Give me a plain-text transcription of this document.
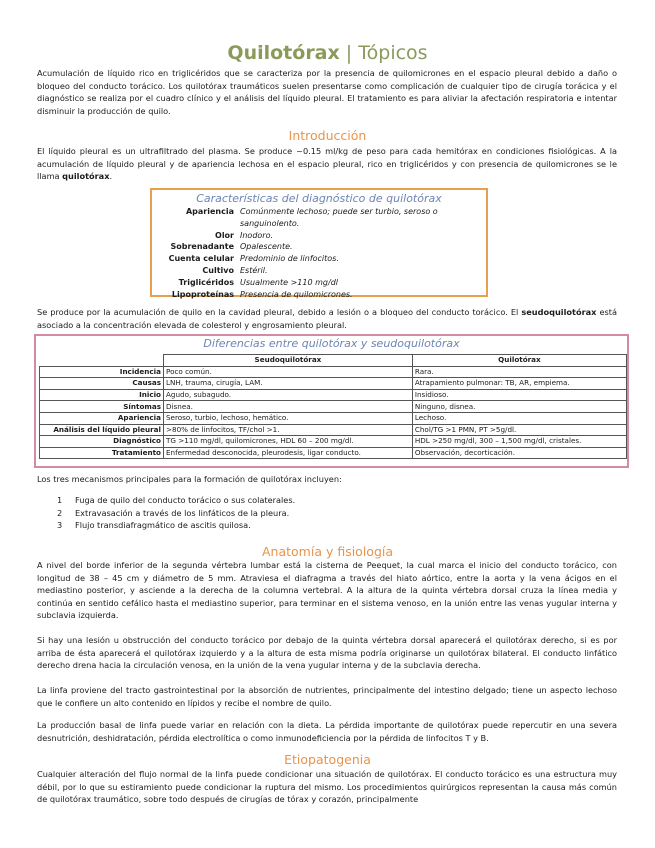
Quilotórax | Tópicos
Acumulación de líquido rico en triglicéridos que se caracteriza por la presencia de quilomicrones en el espacio pleural debido a daño o bloqueo del conducto torácico. Los quilotórax traumáticos suelen presentarse como complicación de cualquier tipo de cirugía torácica y el diagnóstico se realiza por el cuadro clínico y el análisis del líquido pleural. El tratamiento es para aliviar la afectación respiratoria e intentar disminuir la producción de quilo.
Introducción
El líquido pleural es un ultrafiltrado del plasma. Se produce ~0.15 ml/kg de peso para cada hemitórax en condiciones fisiológicas. A la acumulación de líquido pleural y de apariencia lechosa en el espacio pleural, rico en triglicéridos y con presencia de quilomicrones se le llama quilotórax.
Características del diagnóstico de quilotórax
Apariencia Comúnmente lechoso; puede ser turbio, seroso o sanguinolento.
Olor Inodoro.
Sobrenadante Opalescente.
Cuenta celular Predominio de linfocitos.
Cultivo Estéril.
Triglicéridos Usualmente >110 mg/dl
Lipoproteínas Presencia de quilomicrones.
Se produce por la acumulación de quilo en la cavidad pleural, debido a lesión o a bloqueo del conducto torácico. El seudoquilotórax está asociado a la concentración elevada de colesterol y engrosamiento pleural.
Diferencias entre quilotórax y seudoquilotórax
	Seudoquilotórax	Quilotórax
Incidencia	Poco común.	Rara.
Causas	LNH, trauma, cirugía, LAM.	Atrapamiento pulmonar: TB, AR, empiema.
Inicio	Agudo, subagudo.	Insidioso.
Síntomas	Disnea.	Ninguno, disnea.
Apariencia	Seroso, turbio, lechoso, hemático.	Lechoso.
Análisis del líquido pleural	>80% de linfocitos, TF/chol >1.	Chol/TG >1 PMN, PT >5g/dl.
Diagnóstico	TG >110 mg/dl, quilomicrones, HDL 60 – 200 mg/dl.	HDL >250 mg/dl, 300 – 1,500 mg/dl, cristales.
Tratamiento	Enfermedad desconocida, pleurodesis, ligar conducto.	Observación, decorticación.
Los tres mecanismos principales para la formación de quilotórax incluyen:
1	Fuga de quilo del conducto torácico o sus colaterales.
2	Extravasación a través de los linfáticos de la pleura.
3	Flujo transdiafragmático de ascitis quilosa.
Anatomía y fisiología
A nivel del borde inferior de la segunda vértebra lumbar está la cisterna de Peequet, la cual marca el inicio del conducto torácico, con longitud de 38 – 45 cm y diámetro de 5 mm. Atraviesa el diafragma a través del hiato aórtico, entre la aorta y la vena ácigos en el mediastino posterior, y asciende a la derecha de la columna vertebral. A la altura de la quinta vértebra dorsal cruza la línea media y continúa en sentido cefálico hasta el mediastino superior, para terminar en el sistema venoso, en la unión entre las venas yugular interna y subclavia izquierda.
Si hay una lesión u obstrucción del conducto torácico por debajo de la quinta vértebra dorsal aparecerá el quilotórax derecho, si es por arriba de ésta aparecerá el quilotórax izquierdo y a la altura de esta misma podría originarse un quilotórax bilateral. El conducto linfático derecho drena hacia la circulación venosa, en la unión de la vena yugular interna y de la subclavia derecha.
La linfa proviene del tracto gastrointestinal por la absorción de nutrientes, principalmente del intestino delgado; tiene un aspecto lechoso que le confiere un alto contenido en lípidos y recibe el nombre de quilo.
La producción basal de linfa puede variar en relación con la dieta. La pérdida importante de quilotórax puede repercutir en una severa desnutrición, deshidratación, pérdida electrolítica o como inmunodeficiencia por la pérdida de linfocitos T y B.
Etiopatogenia
Cualquier alteración del flujo normal de la linfa puede condicionar una situación de quilotórax. El conducto torácico es una estructura muy débil, por lo que su estiramiento puede condicionar la ruptura del mismo. Los procedimientos quirúrgicos representan la causa más común de quilotórax traumático, sobre todo después de cirugías de tórax y corazón, principalmente
